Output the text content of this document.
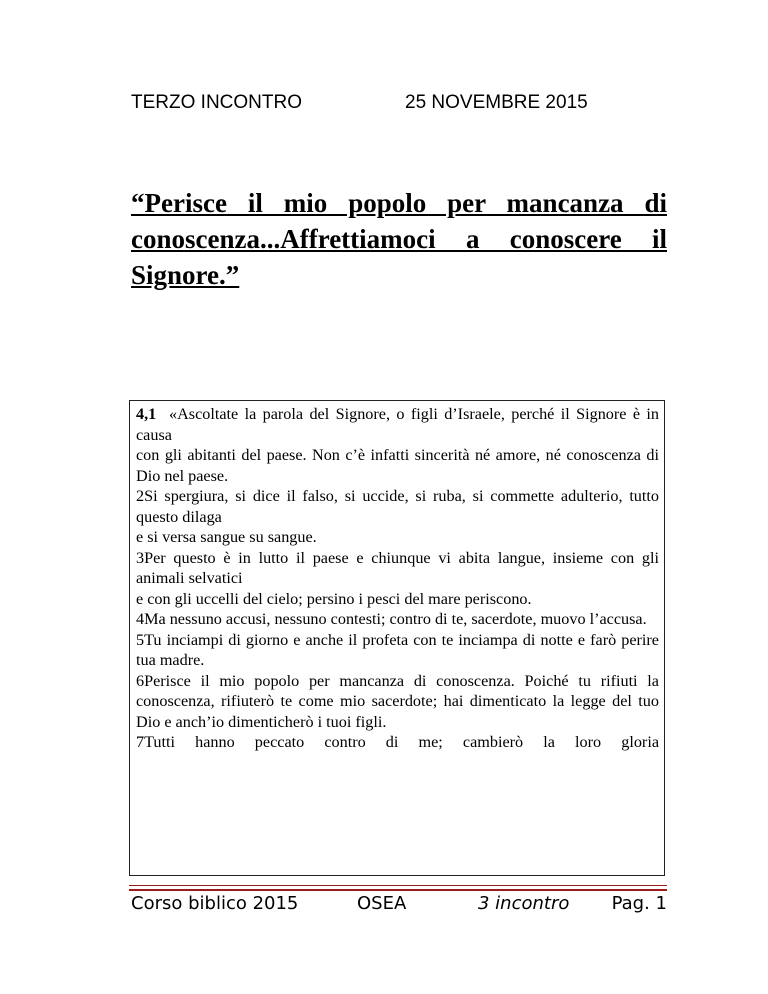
TERZO INCONTRO	25 NOVEMBRE 2015
“Perisce il mio popolo per mancanza di conoscenza...Affrettiamoci a conoscere il Signore.”

4,1 «Ascoltate la parola del Signore, o figli d’Israele, perché il Signore è in causa

con gli abitanti del paese. Non c’è infatti sincerità né amore, né conoscenza di Dio nel paese.

2Si spergiura, si dice il falso, si uccide, si ruba, si commette adulterio, tutto questo dilaga

e si versa sangue su sangue.

3Per questo è in lutto il paese e chiunque vi abita langue, insieme con gli animali selvatici

e con gli uccelli del cielo; persino i pesci del mare periscono.

4Ma nessuno accusi, nessuno contesti; contro di te, sacerdote, muovo l’accusa.

5Tu inciampi di giorno e anche il profeta con te inciampa di notte e farò perire tua madre.

6Perisce il mio popolo per mancanza di conoscenza. Poiché tu rifiuti la conoscenza, rifiuterò te come mio sacerdote; hai dimenticato la legge del tuo Dio e anch’io dimenticherò i tuoi figli.

7Tutti hanno peccato contro di me; cambierò la loro gloria

Corso biblico 2015	OSEA	3 incontro Pag. 1
